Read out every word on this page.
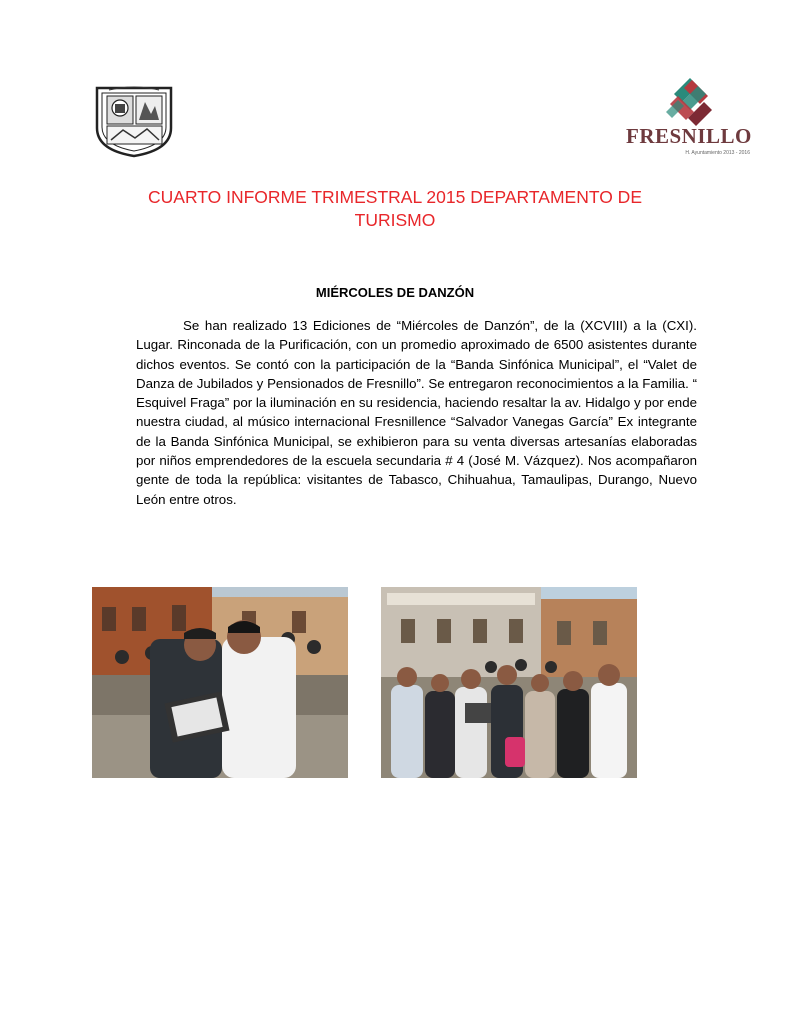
FRESNILLO
H. Ayuntamiento 2013 - 2016
CUARTO INFORME TRIMESTRAL 2015 DEPARTAMENTO DE TURISMO
MIÉRCOLES DE DANZÓN
Se han realizado 13 Ediciones de “Miércoles de Danzón”, de la (XCVIII) a la (CXI). Lugar. Rinconada de la Purificación, con un promedio aproximado de 6500 asistentes durante dichos eventos. Se contó con la participación de la “Banda Sinfónica Municipal”, el “Valet de Danza de Jubilados y Pensionados de Fresnillo”. Se entregaron reconocimientos a la Familia. “ Esquivel Fraga” por la iluminación en su residencia, haciendo resaltar la av. Hidalgo y por ende nuestra ciudad, al músico internacional Fresnillence “Salvador Vanegas García” Ex integrante de la Banda Sinfónica Municipal, se exhibieron para su venta diversas artesanías elaboradas por niños emprendedores de la escuela secundaria # 4 (José M. Vázquez). Nos acompañaron gente de toda la república: visitantes de Tabasco, Chihuahua, Tamaulipas, Durango, Nuevo León entre otros.
